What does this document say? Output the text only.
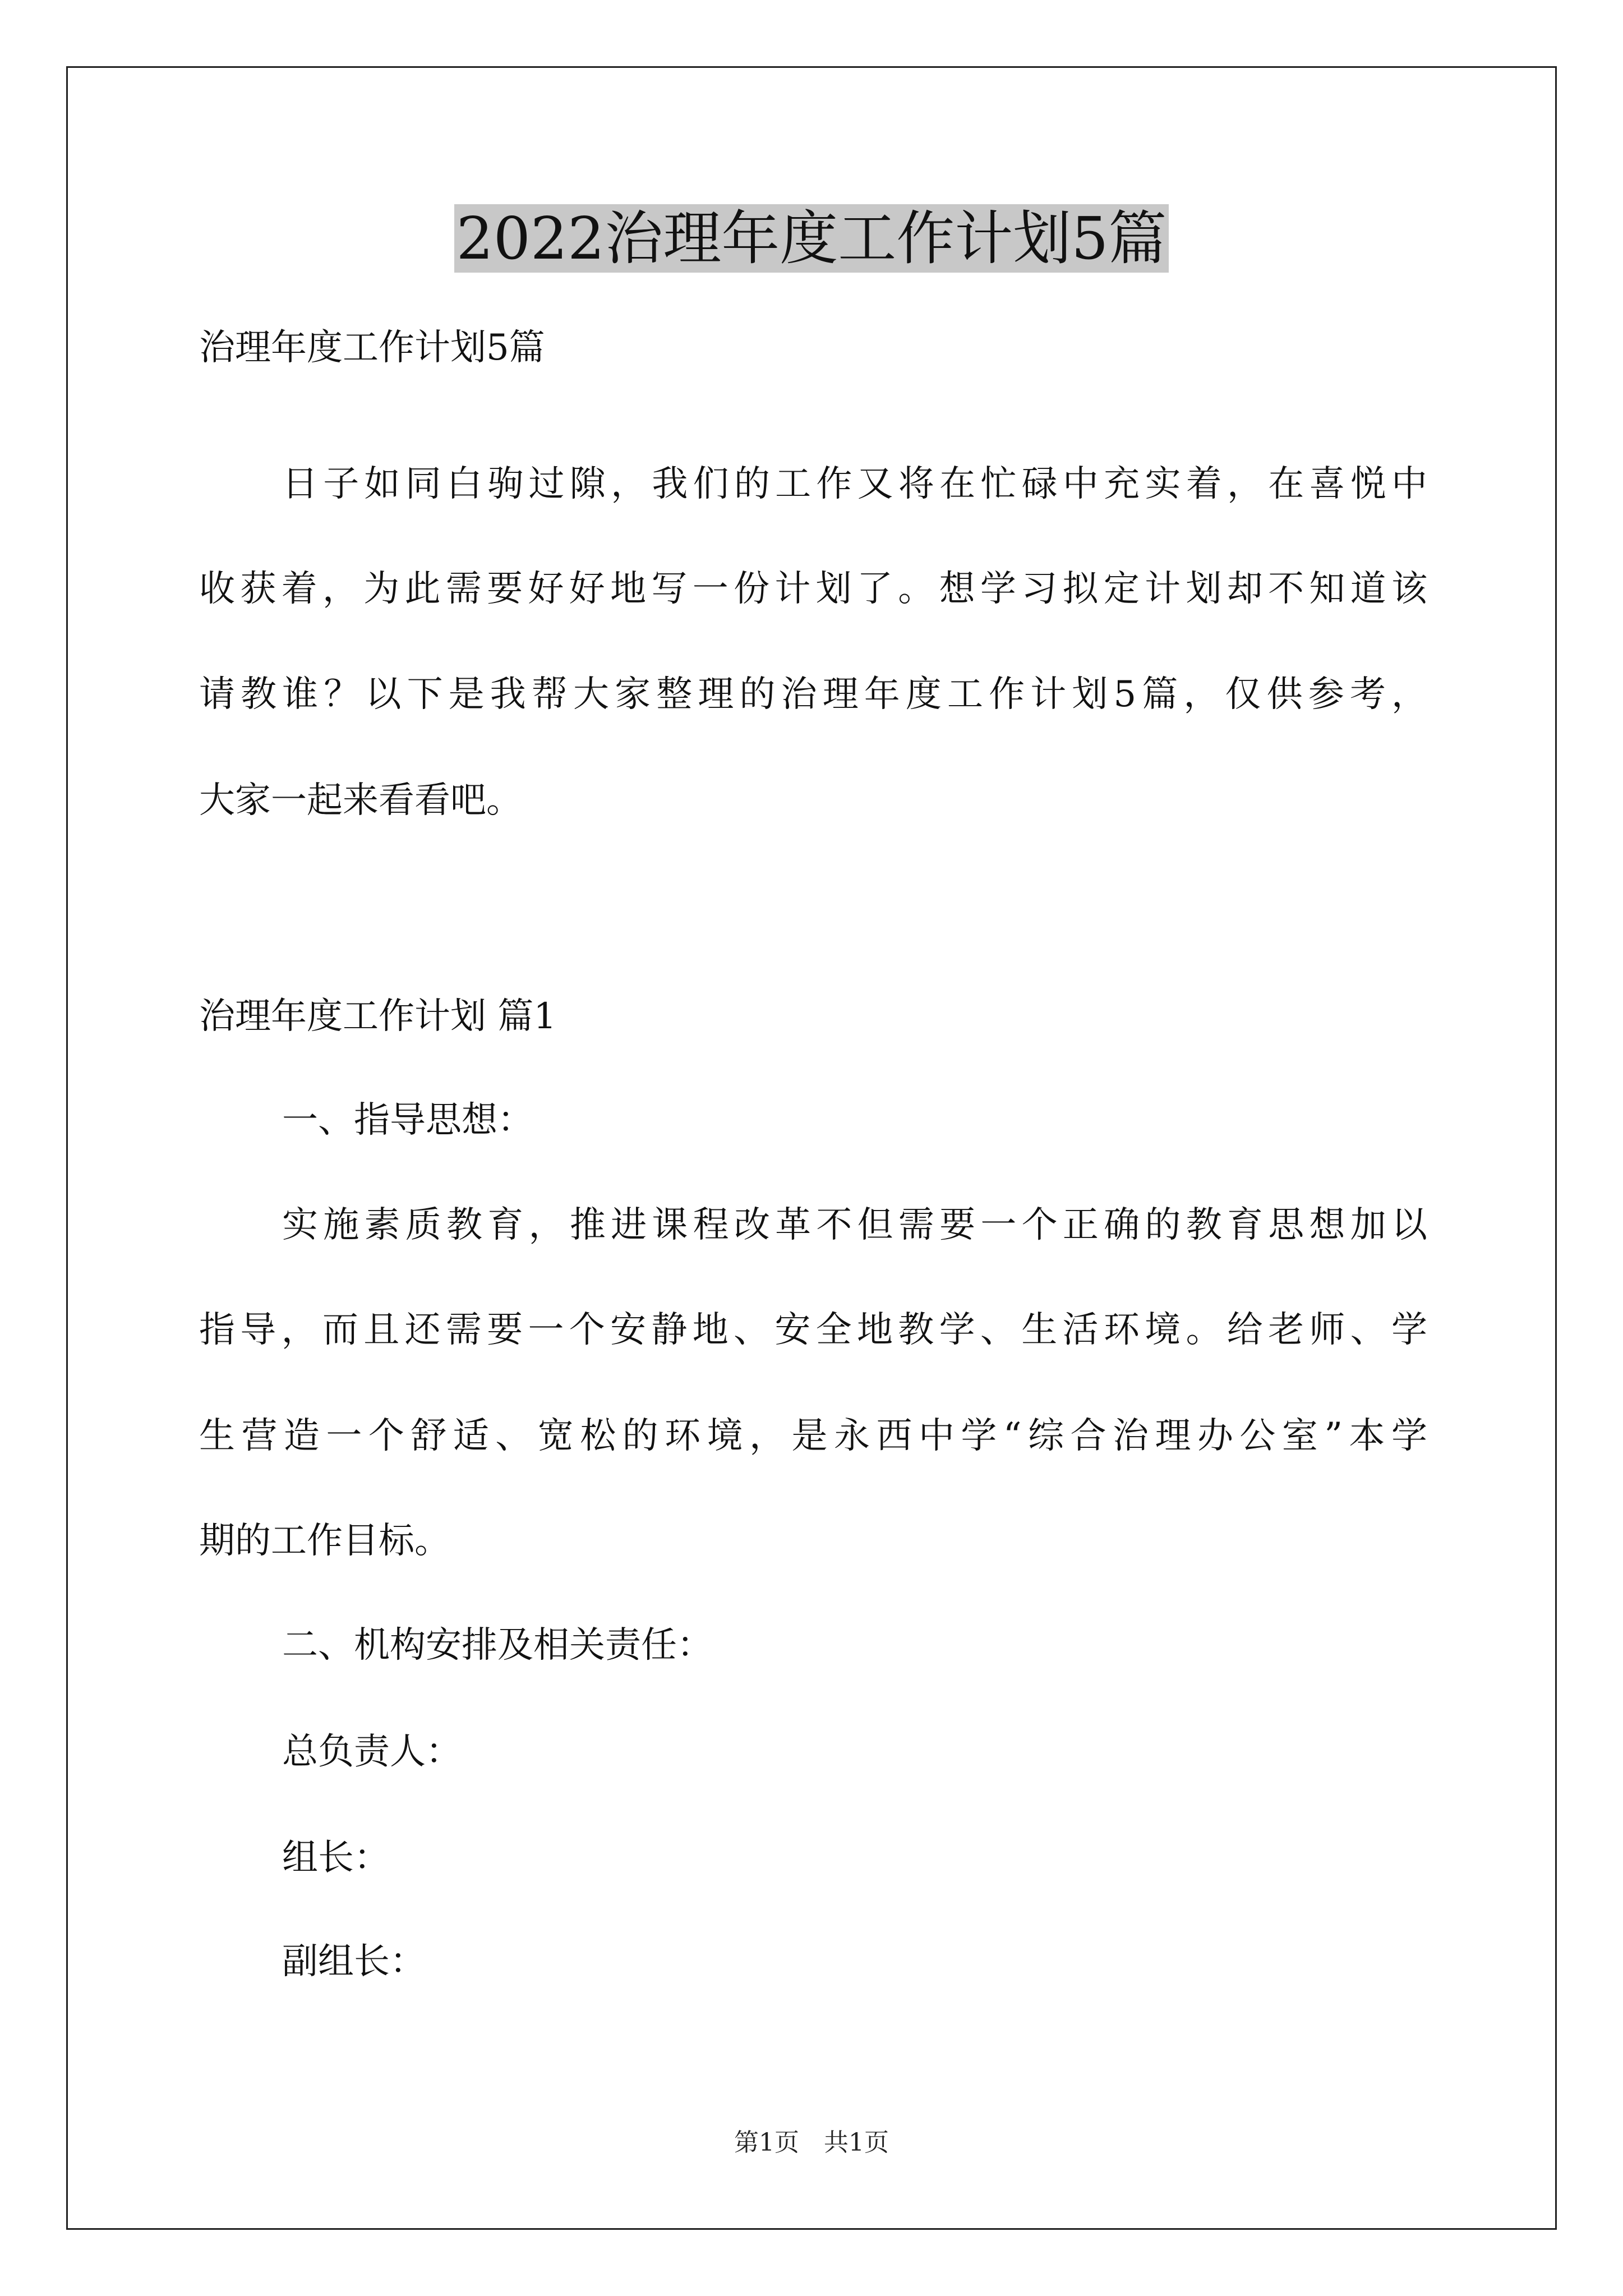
2022治理年度工作计划5篇

治理年度工作计划5篇

日子如同白驹过隙，我们的工作又将在忙碌中充实着，在喜悦中

收获着，为此需要好好地写一份计划了。想学习拟定计划却不知道该

请教谁？以下是我帮大家整理的治理年度工作计划5篇，仅供参考，

大家一起来看看吧。

治理年度工作计划 篇1

一、指导思想：

实施素质教育，推进课程改革不但需要一个正确的教育思想加以

指导，而且还需要一个安静地、安全地教学、生活环境。给老师、学

生营造一个舒适、宽松的环境，是永西中学“综合治理办公室”本学

期的工作目标。

二、机构安排及相关责任：

总负责人：

组长：

副组长：

第1页　共1页
